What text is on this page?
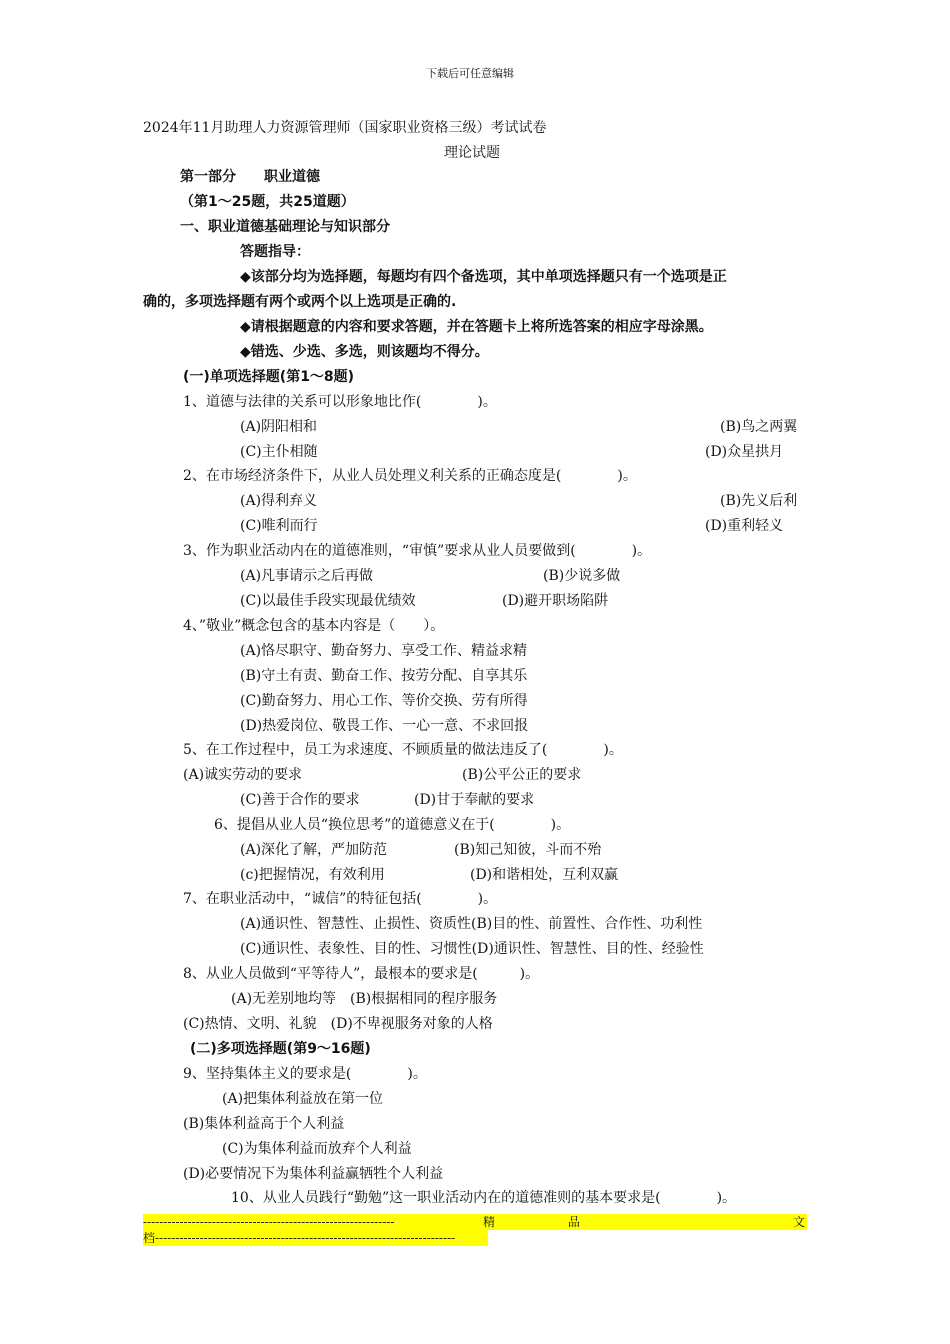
下载后可任意编辑
2024年11月助理人力资源管理师（国家职业资格三级）考试试卷
理论试题
第一部分　　职业道德
（第1～25题，共25道题）
一、职业道德基础理论与知识部分
答题指导：
◆该部分均为选择题，每题均有四个备选项，其中单项选择题只有一个选项是正
确的，多项选择题有两个或两个以上选项是正确的.
◆请根据题意的内容和要求答题，并在答题卡上将所选答案的相应字母涂黑。
◆错选、少选、多选，则该题均不得分。
(一)单项选择题(第1～8题)
1、道德与法律的关系可以形象地比作(　　　　)。
(A)阴阳相和	(B)鸟之两翼
(C)主仆相随	(D)众星拱月
2、在市场经济条件下，从业人员处理义利关系的正确态度是(　　　　)。
(A)得利弃义	(B)先义后利
(C)唯利而行	(D)重利轻义
3、作为职业活动内在的道德准则，“审慎”要求从业人员要做到(　　　　)。
(A)凡事请示之后再做	(B)少说多做
(C)以最佳手段实现最优绩效	(D)避开职场陷阱
4、”敬业”概念包含的基本内容是（　　）。
(A)恪尽职守、勤奋努力、享受工作、精益求精
(B)守土有责、勤奋工作、按劳分配、自享其乐
(C)勤奋努力、用心工作、等价交换、劳有所得
(D)热爱岗位、敬畏工作、一心一意、不求回报
5、在工作过程中，员工为求速度、不顾质量的做法违反了(　　　　)。
(A)诚实劳动的要求	(B)公平公正的要求
(C)善于合作的要求	(D)甘于奉献的要求
6、提倡从业人员“换位思考”的道德意义在于(　　　　)。
(A)深化了解，严加防范	(B)知己知彼，斗而不殆
(c)把握情况，有效利用	(D)和谐相处，互利双赢
7、在职业活动中，“诚信”的特征包括(　　　　)。
(A)通识性、智慧性、止损性、资质性(B)目的性、前置性、合作性、功利性
(C)通识性、表象性、目的性、习惯性(D)通识性、智慧性、目的性、经验性
8、从业人员做到“平等待人”，最根本的要求是(　　　)。
(A)无差别地均等　(B)根据相同的程序服务
(C)热情、文明、礼貌　(D)不卑视服务对象的人格
(二)多项选择题(第9～16题)
9、坚持集体主义的要求是(　　　　)。
(A)把集体利益放在第一位
(B)集体利益高于个人利益
(C)为集体利益而放弃个人利益
(D)必要情况下为集体利益赢牺牲个人利益
10、从业人员践行“勤勉”这一职业活动内在的道德准则的基本要求是(　　　　)。

--------------------------------------------------------------

	精

	品

	文

档--------------------------------------------------------------------------
